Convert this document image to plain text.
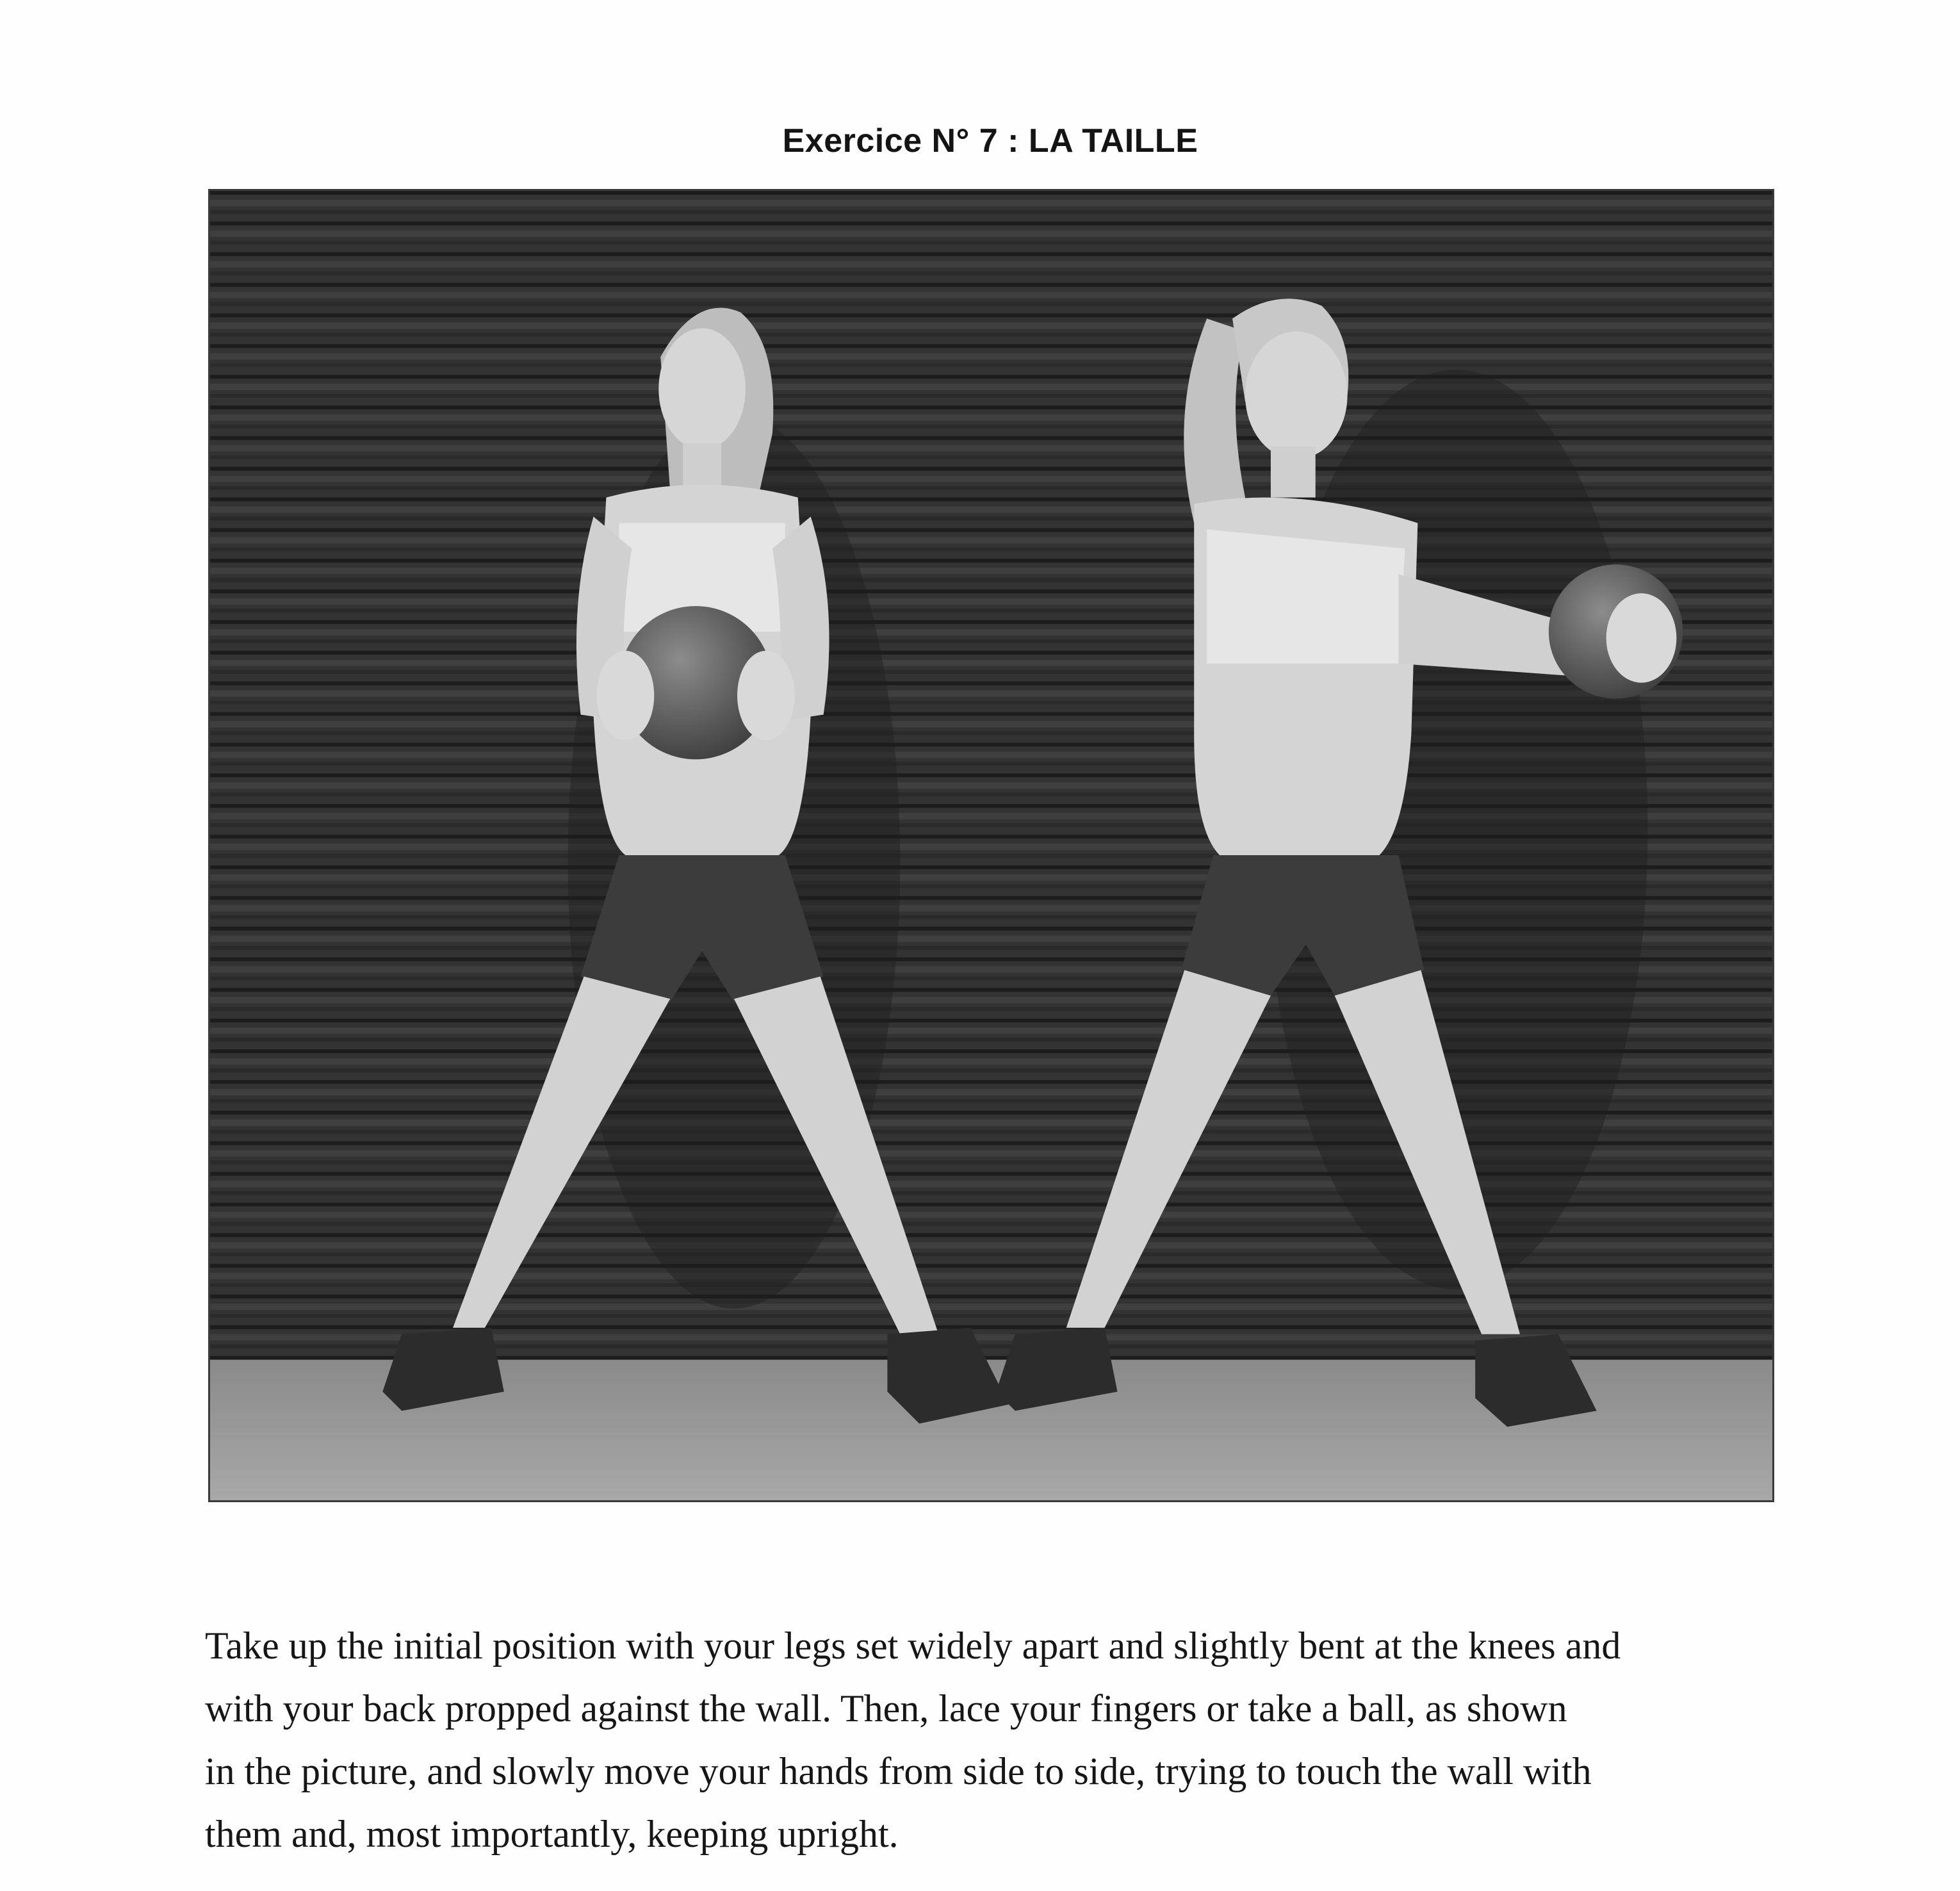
Exercice N° 7 : LA TAILLE
Take up the initial position with your legs set widely apart and slightly bent at the knees and
with your back propped against the wall. Then, lace your fingers or take a ball, as shown
in the picture, and slowly move your hands from side to side, trying to touch the wall with
them and, most importantly, keeping upright.
